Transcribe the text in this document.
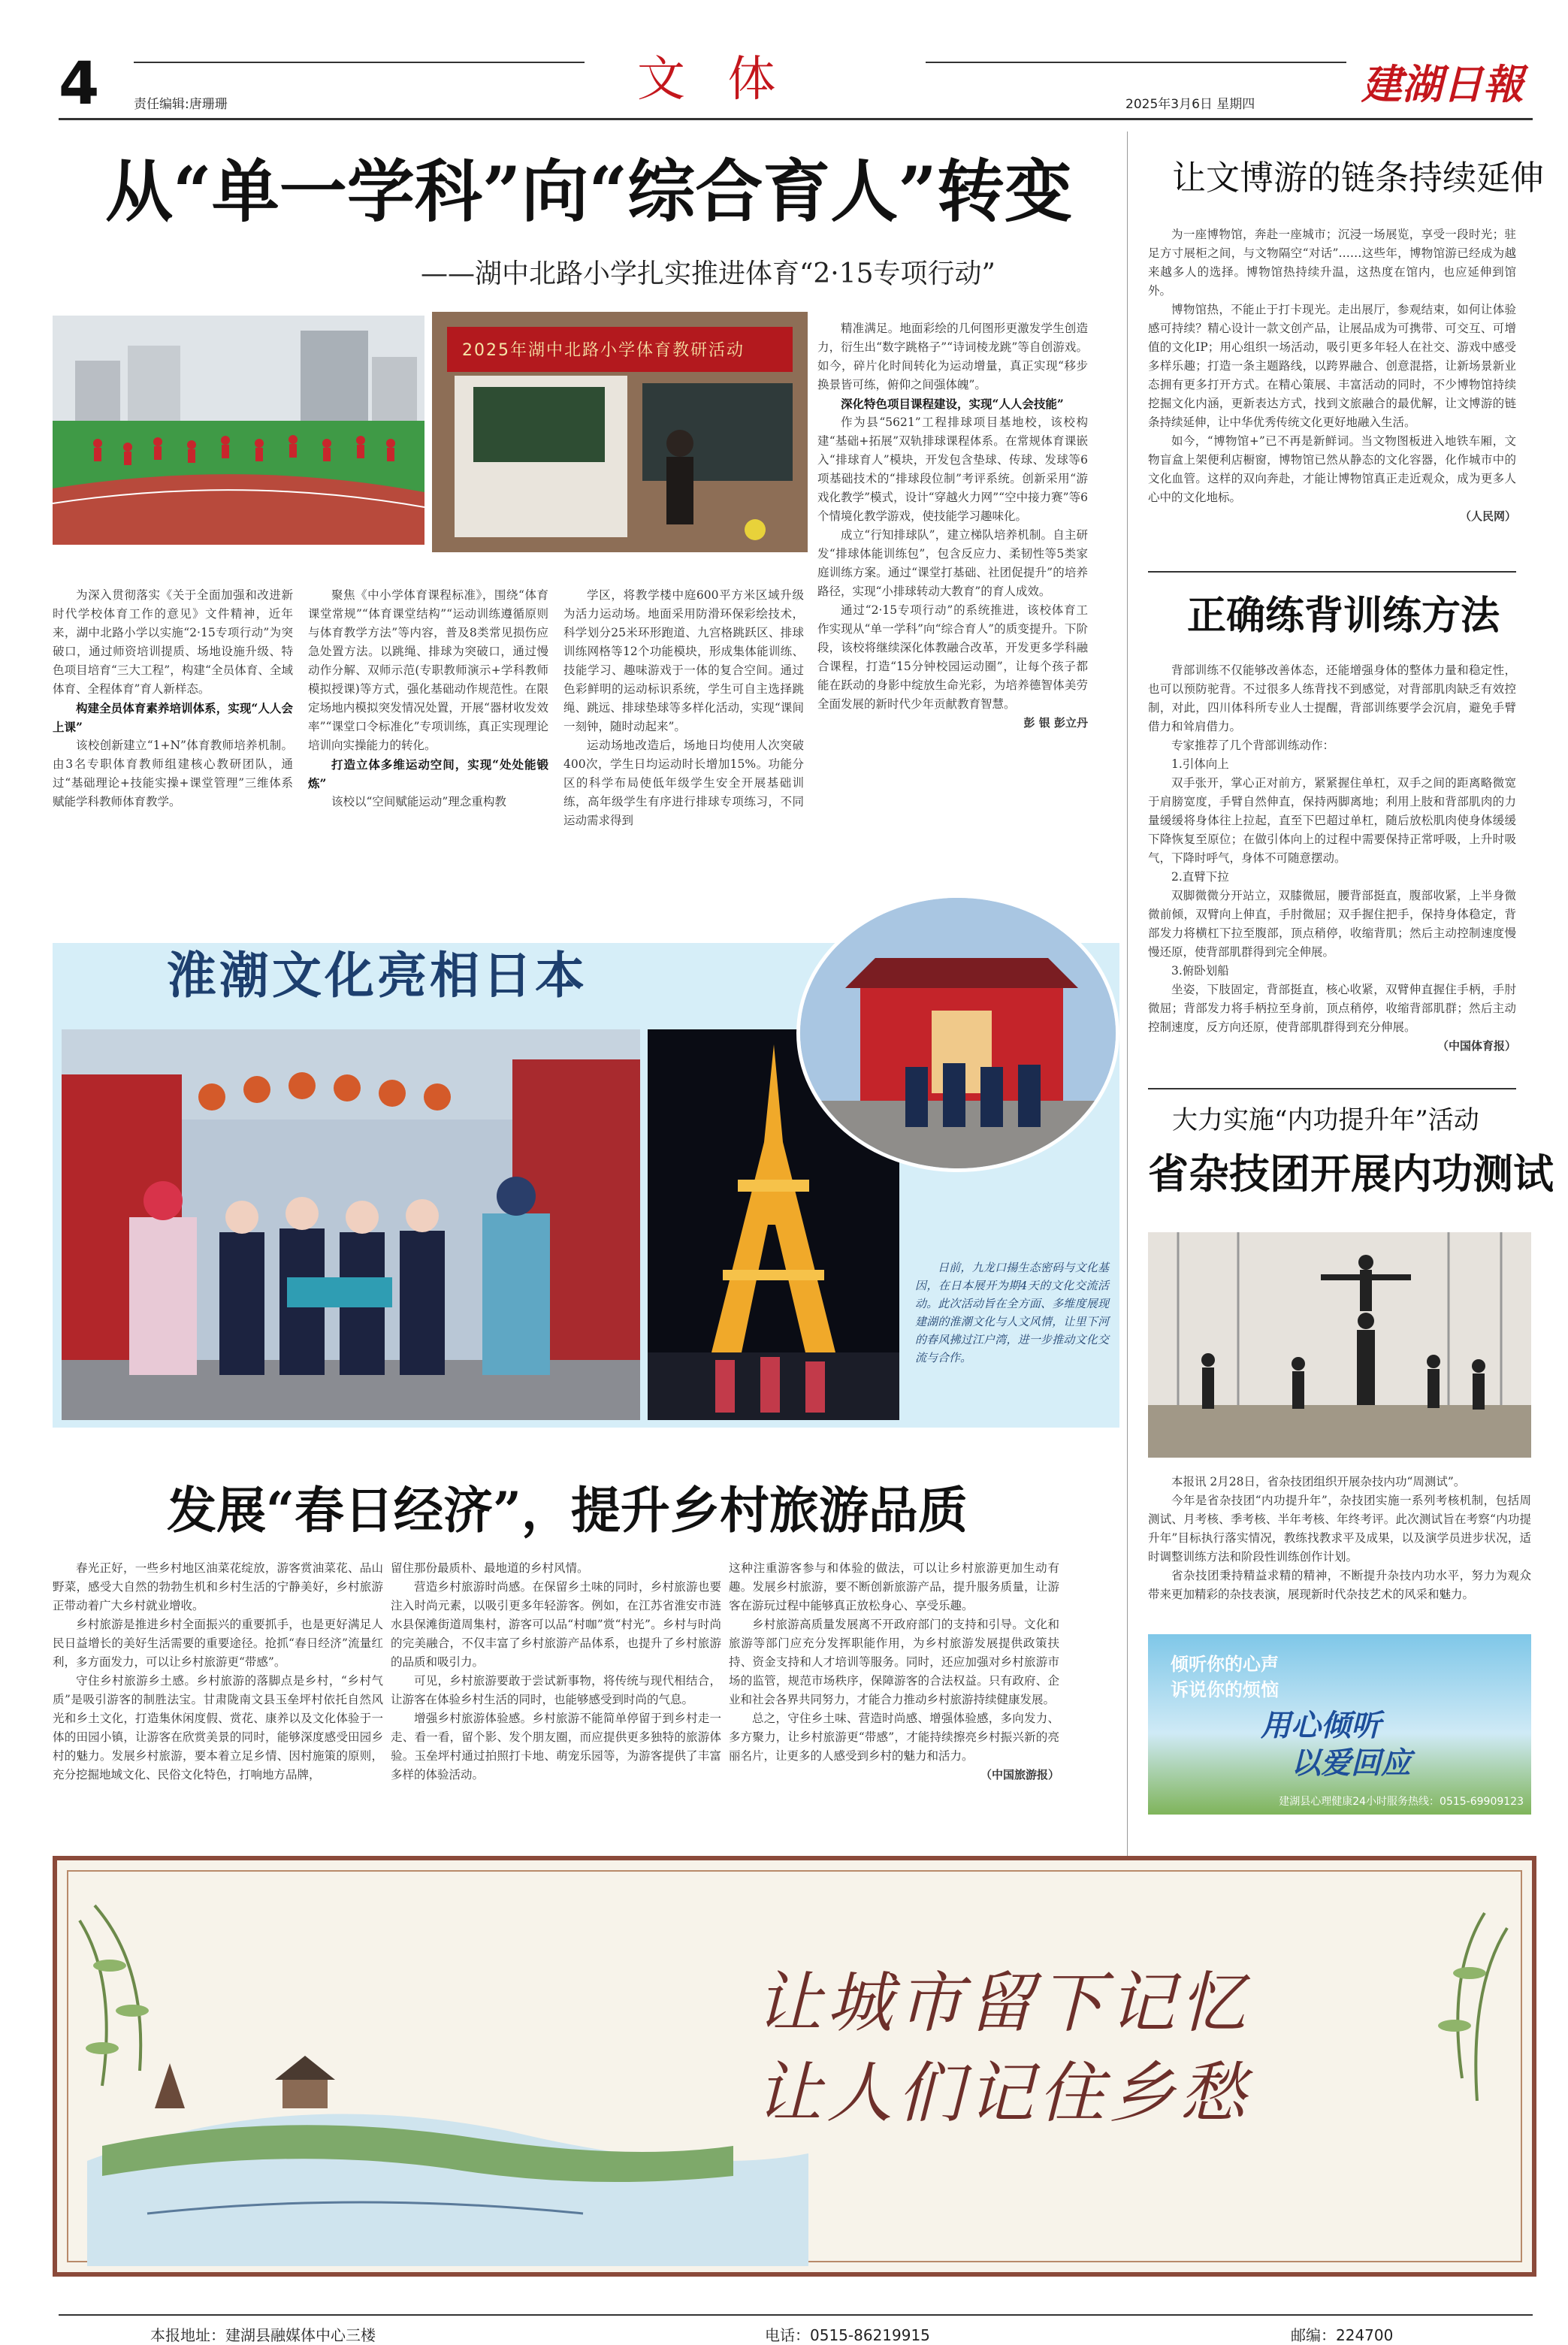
4	责任编辑:唐珊珊	文 体	2025年3月6日 星期四	建湖日報
从“单一学科”向“综合育人”转变
——湖中北路小学扎实推进体育“2·15专项行动”
2025年湖中北路小学体育教研活动

为深入贯彻落实《关于全面加强和改进新时代学校体育工作的意见》文件精神，近年来，湖中北路小学以实施“2·15专项行动”为突破口，通过师资培训提质、场地设施升级、特色项目培育“三大工程”，构建“全员体育、全域体育、全程体育”育人新样态。

构建全员体育素养培训体系，实现“人人会上课”

该校创新建立“1+N”体育教师培养机制。由3名专职体育教师组建核心教研团队，通过“基础理论+技能实操+课堂管理”三维体系赋能学科教师体育教学。

聚焦《中小学体育课程标准》，围绕“体育课堂常规”“体育课堂结构”“运动训练遵循原则与体育教学方法”等内容，普及8类常见损伤应急处置方法。以跳绳、排球为突破口，通过慢动作分解、双师示范(专职教师演示+学科教师模拟授课)等方式，强化基础动作规范性。在限定场地内模拟突发情况处置，开展“器材收发效率”“课堂口令标准化”专项训练，真正实现理论培训向实操能力的转化。

打造立体多维运动空间，实现“处处能锻炼”

该校以“空间赋能运动”理念重构教

学区，将教学楼中庭600平方米区域升级为活力运动场。地面采用防滑环保彩绘技术，科学划分25米环形跑道、九宫格跳跃区、排球训练网格等12个功能模块，形成集体能训练、技能学习、趣味游戏于一体的复合空间。通过色彩鲜明的运动标识系统，学生可自主选择跳绳、跳远、排球垫球等多样化活动，实现“课间一刻钟，随时动起来”。

运动场地改造后，场地日均使用人次突破400次，学生日均运动时长增加15%。功能分区的科学布局使低年级学生安全开展基础训练，高年级学生有序进行排球专项练习，不同运动需求得到

精准满足。地面彩绘的几何图形更激发学生创造力，衍生出“数字跳格子”“诗词棱龙跳”等自创游戏。如今，碎片化时间转化为运动增量，真正实现“移步换景皆可练，俯仰之间强体魄”。

深化特色项目课程建设，实现“人人会技能”

作为县“5621”工程排球项目基地校，该校构建“基础+拓展”双轨排球课程体系。在常规体育课嵌入“排球育人”模块，开发包含垫球、传球、发球等6项基础技术的“排球段位制”考评系统。创新采用“游戏化教学”模式，设计“穿越火力网”“空中接力赛”等6个情境化教学游戏，使技能学习趣味化。

成立“行知排球队”，建立梯队培养机制。自主研发“排球体能训练包”，包含反应力、柔韧性等5类家庭训练方案。通过“课堂打基础、社团促提升”的培养路径，实现“小排球转动大教育”的育人成效。

通过“2·15专项行动”的系统推进，该校体育工作实现从“单一学科”向“综合育人”的质变提升。下阶段，该校将继续深化体教融合改革，开发更多学科融合课程，打造“15分钟校园运动圈”，让每个孩子都能在跃动的身影中绽放生命光彩，为培养德智体美劳全面发展的新时代少年贡献教育智慧。

彭 银 彭立丹

让文博游的链条持续延伸

为一座博物馆，奔赴一座城市；沉浸一场展览，享受一段时光；驻足方寸展柜之间，与文物隔空“对话”……这些年，博物馆游已经成为越来越多人的选择。博物馆热持续升温，这热度在馆内，也应延伸到馆外。

博物馆热，不能止于打卡现光。走出展厅，参观结束，如何让体验感可持续？精心设计一款文创产品，让展品成为可携带、可交互、可增值的文化IP；用心组织一场活动，吸引更多年轻人在社交、游戏中感受多样乐趣；打造一条主题路线，以跨界融合、创意混搭，让新场景新业态拥有更多打开方式。在精心策展、丰富活动的同时，不少博物馆持续挖掘文化内涵，更新表达方式，找到文旅融合的最优解，让文博游的链条持续延伸，让中华优秀传统文化更好地融入生活。

如今，“博物馆+”已不再是新鲜词。当文物图板进入地铁车厢，文物盲盒上架便利店橱窗，博物馆已然从静态的文化容器，化作城市中的文化血管。这样的双向奔赴，才能让博物馆真正走近观众，成为更多人心中的文化地标。

（人民网）

正确练背训练方法

背部训练不仅能够改善体态，还能增强身体的整体力量和稳定性，也可以预防驼背。不过很多人练背找不到感觉，对背部肌肉缺乏有效控制，对此，四川体科所专业人士提醒，背部训练要学会沉肩，避免手臂借力和耸肩借力。

专家推荐了几个背部训练动作：

1.引体向上

双手张开，掌心正对前方，紧紧握住单杠，双手之间的距离略微宽于肩膀宽度，手臂自然伸直，保持两脚离地；利用上肢和背部肌肉的力量缓缓将身体往上拉起，直至下巴超过单杠，随后放松肌肉使身体缓缓下降恢复至原位；在做引体向上的过程中需要保持正常呼吸，上升时吸气，下降时呼气，身体不可随意摆动。

2.直臂下拉

双脚微微分开站立，双膝微屈，腰背部挺直，腹部收紧，上半身微微前倾，双臂向上伸直，手肘微屈；双手握住把手，保持身体稳定，背部发力将横杠下拉至腹部，顶点稍停，收缩背肌；然后主动控制速度慢慢还原，使背部肌群得到完全伸展。

3.俯卧划船

坐姿，下肢固定，背部挺直，核心收紧，双臂伸直握住手柄，手肘微屈；背部发力将手柄拉至身前，顶点稍停，收缩背部肌群；然后主动控制速度，反方向还原，使背部肌群得到充分伸展。

（中国体育报）

大力实施“内功提升年”活动
省杂技团开展内功测试

本报讯 2月28日，省杂技团组织开展杂技内功“周测试”。

今年是省杂技团“内功提升年”，杂技团实施一系列考核机制，包括周测试、月考核、季考核、半年考核、年终考评。此次测试旨在考察“内功提升年”目标执行落实情况，教练找教求平及成果，以及演学员进步状况，适时调整训练方法和阶段性训练创作计划。

省杂技团秉持精益求精的精神，不断提升杂技内功水平，努力为观众带来更加精彩的杂技表演，展现新时代杂技艺术的风采和魅力。

倾听你的心声
诉说你的烦恼
用心倾听
以爱回应
建湖县心理健康24小时服务热线：0515-69909123
淮潮文化亮相日本
日前，九龙口揚生态密码与文化基因，在日本展开为期4天的文化交流活动。此次活动旨在全方面、多维度展现建湖的淮潮文化与人文风情，让里下河的春风拂过江户湾，进一步推动文化交流与合作。
发展“春日经济”，提升乡村旅游品质

春光正好，一些乡村地区油菜花绽放，游客赏油菜花、品山野菜，感受大自然的勃勃生机和乡村生活的宁静美好，乡村旅游正带动着广大乡村就业增收。

乡村旅游是推进乡村全面振兴的重要抓手，也是更好满足人民日益增长的美好生活需要的重要途径。抢抓“春日经济”流量红利，多方面发力，可以让乡村旅游更“带感”。

守住乡村旅游乡土感。乡村旅游的落脚点是乡村，“乡村气质”是吸引游客的制胜法宝。甘肃陇南文县玉垒坪村依托自然风光和乡土文化，打造集休闲度假、赏花、康养以及文化体验于一体的田园小镇，让游客在欣赏美景的同时，能够深度感受田园乡村的魅力。发展乡村旅游，要本着立足乡情、因村施策的原则，充分挖掘地域文化、民俗文化特色，打响地方品牌，

留住那份最质朴、最地道的乡村风情。

营造乡村旅游时尚感。在保留乡土味的同时，乡村旅游也要注入时尚元素，以吸引更多年轻游客。例如，在江苏省淮安市涟水县保滩街道周集村，游客可以品“村咖”赏“村光”。乡村与时尚的完美融合，不仅丰富了乡村旅游产品体系，也提升了乡村旅游的品质和吸引力。

可见，乡村旅游要敢于尝试新事物，将传统与现代相结合，让游客在体验乡村生活的同时，也能够感受到时尚的气息。

增强乡村旅游体验感。乡村旅游不能简单停留于到乡村走一走、看一看，留个影、发个朋友圈，而应提供更多独特的旅游体验。玉垒坪村通过拍照打卡地、萌宠乐园等，为游客提供了丰富多样的体验活动。

这种注重游客参与和体验的做法，可以让乡村旅游更加生动有趣。发展乡村旅游，要不断创新旅游产品，提升服务质量，让游客在游玩过程中能够真正放松身心、享受乐趣。

乡村旅游高质量发展离不开政府部门的支持和引导。文化和旅游等部门应充分发挥职能作用，为乡村旅游发展提供政策扶持、资金支持和人才培训等服务。同时，还应加强对乡村旅游市场的监管，规范市场秩序，保障游客的合法权益。只有政府、企业和社会各界共同努力，才能合力推动乡村旅游持续健康发展。

总之，守住乡土味、营造时尚感、增强体验感，多向发力、多方聚力，让乡村旅游更“带感”，才能持续擦亮乡村振兴新的亮丽名片，让更多的人感受到乡村的魅力和活力。

（中国旅游报）

让城市留下记忆
让人们记住乡愁
本报地址：建湖县融媒体中心三楼	电话：0515-86219915	邮编：224700
